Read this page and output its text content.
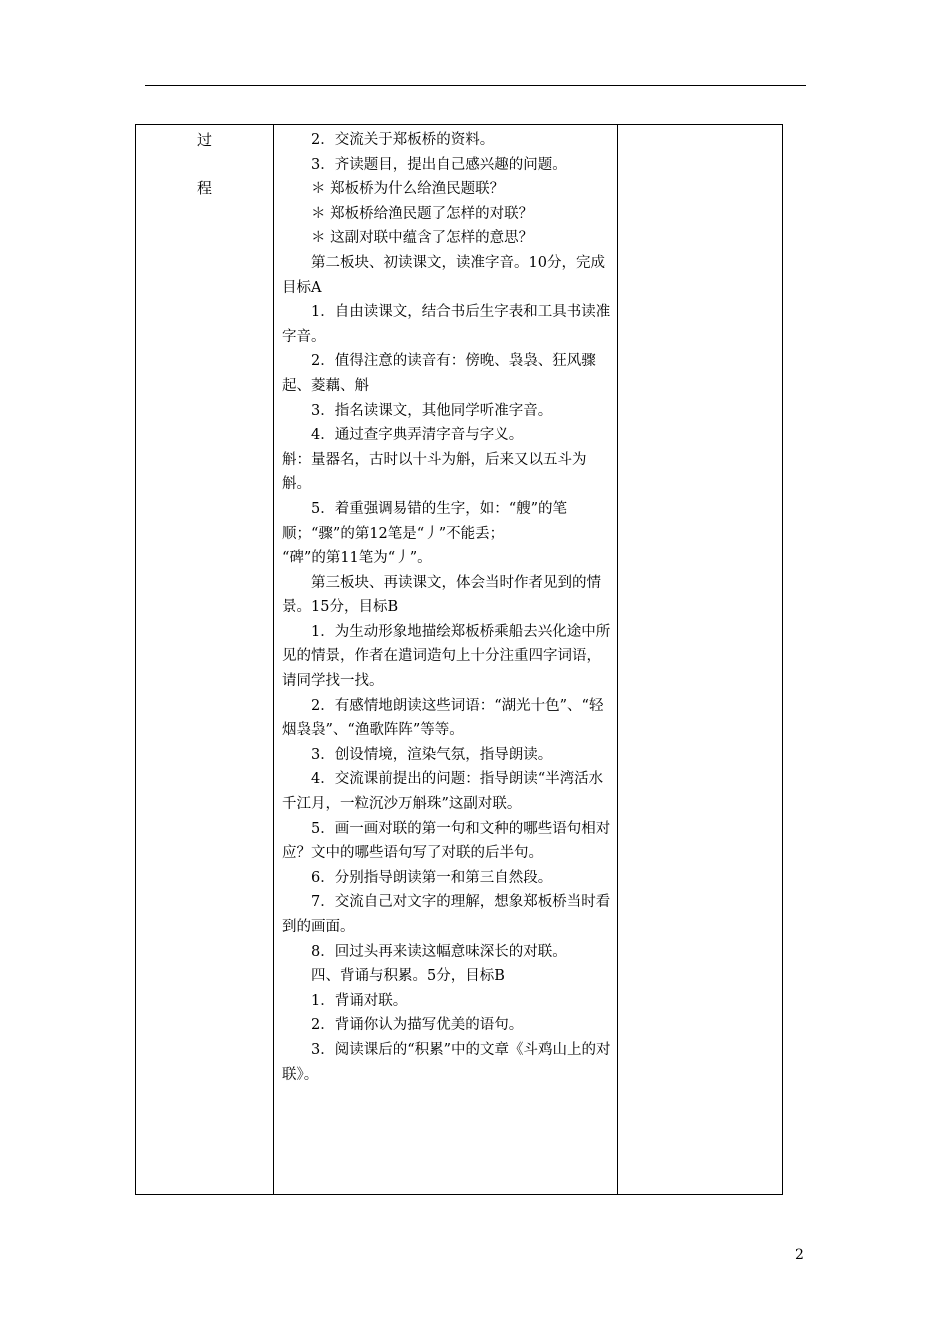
过
程

2．交流关于郑板桥的资料。

3．齐读题目，提出自己感兴趣的问题。

＊ 郑板桥为什么给渔民题联？

＊ 郑板桥给渔民题了怎样的对联？

＊ 这副对联中蕴含了怎样的意思？

第二板块、初读课文，读准字音。10分，完成目标A

1．自由读课文，结合书后生字表和工具书读准字音。

2．值得注意的读音有：傍晚、袅袅、狂风骤起、菱藕、斛

3．指名读课文，其他同学听准字音。

4．通过查字典弄清字音与字义。

斛：量器名，古时以十斗为斛，后来又以五斗为斛。

5．着重强调易错的生字，如：“艘”的笔顺；“骤”的第12笔是“丿”不能丢；

“碑”的第11笔为“丿”。

第三板块、再读课文，体会当时作者见到的情景。15分，目标B

1．为生动形象地描绘郑板桥乘船去兴化途中所见的情景，作者在遣词造句上十分注重四字词语，请同学找一找。

2．有感情地朗读这些词语：“湖光十色”、“轻烟袅袅”、“渔歌阵阵”等等。

3．创设情境，渲染气氛，指导朗读。

4．交流课前提出的问题：指导朗读“半湾活水千江月，一粒沉沙万斛珠”这副对联。

5．画一画对联的第一句和文种的哪些语句相对应？文中的哪些语句写了对联的后半句。

6．分别指导朗读第一和第三自然段。

7．交流自己对文字的理解，想象郑板桥当时看到的画面。

8．回过头再来读这幅意味深长的对联。

四、背诵与积累。5分，目标B

1．背诵对联。

2．背诵你认为描写优美的语句。

3．阅读课后的“积累”中的文章《斗鸡山上的对联》。

2
